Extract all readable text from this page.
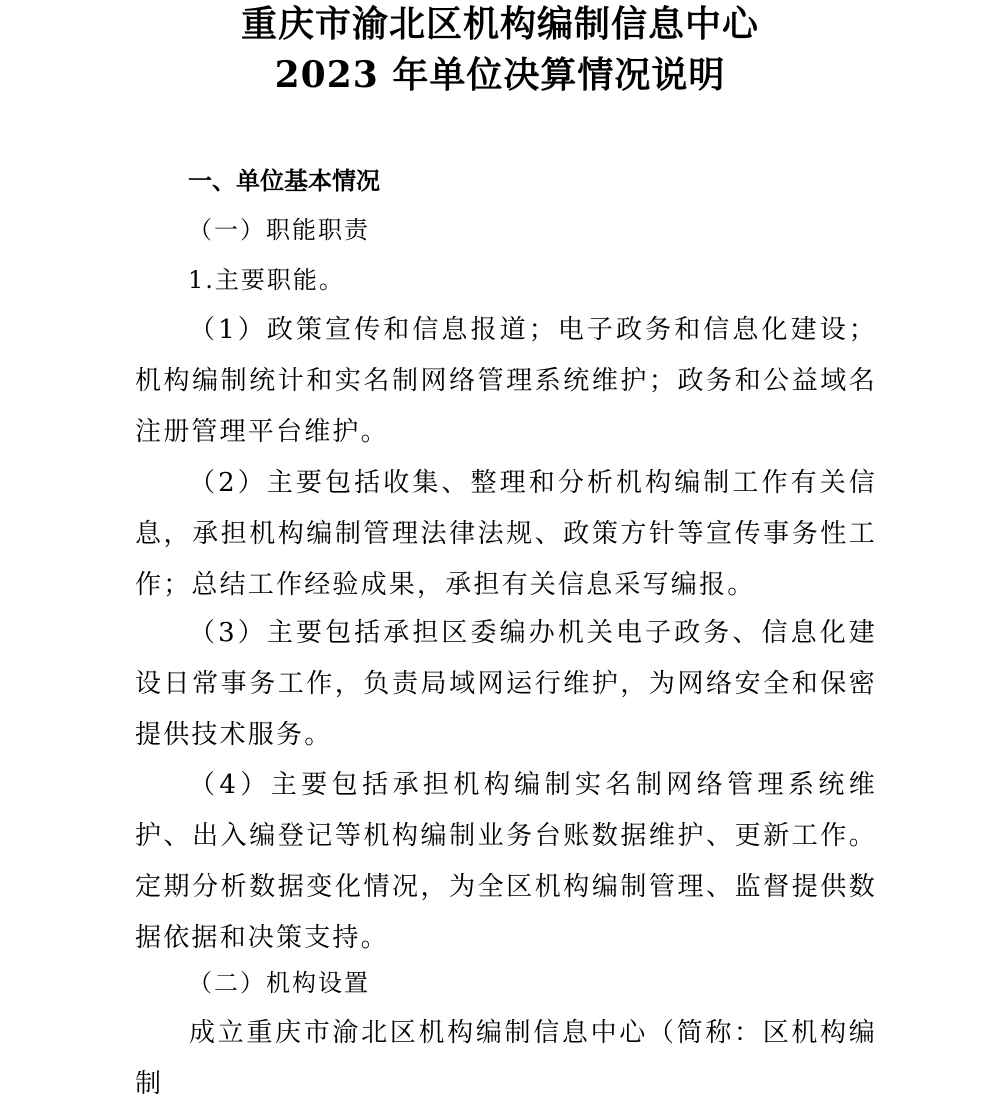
重庆市渝北区机构编制信息中心
2023 年单位决算情况说明
一、单位基本情况
（一）职能职责
1.主要职能。

（1）政策宣传和信息报道；电子政务和信息化建设；机构编制统计和实名制网络管理系统维护；政务和公益域名注册管理平台维护。

（2）主要包括收集、整理和分析机构编制工作有关信息，承担机构编制管理法律法规、政策方针等宣传事务性工作；总结工作经验成果，承担有关信息采写编报。

（3）主要包括承担区委编办机关电子政务、信息化建设日常事务工作，负责局域网运行维护，为网络安全和保密提供技术服务。

（4）主要包括承担机构编制实名制网络管理系统维护、出入编登记等机构编制业务台账数据维护、更新工作。定期分析数据变化情况，为全区机构编制管理、监督提供数据依据和决策支持。

（二）机构设置

成立重庆市渝北区机构编制信息中心（简称：区机构编制
